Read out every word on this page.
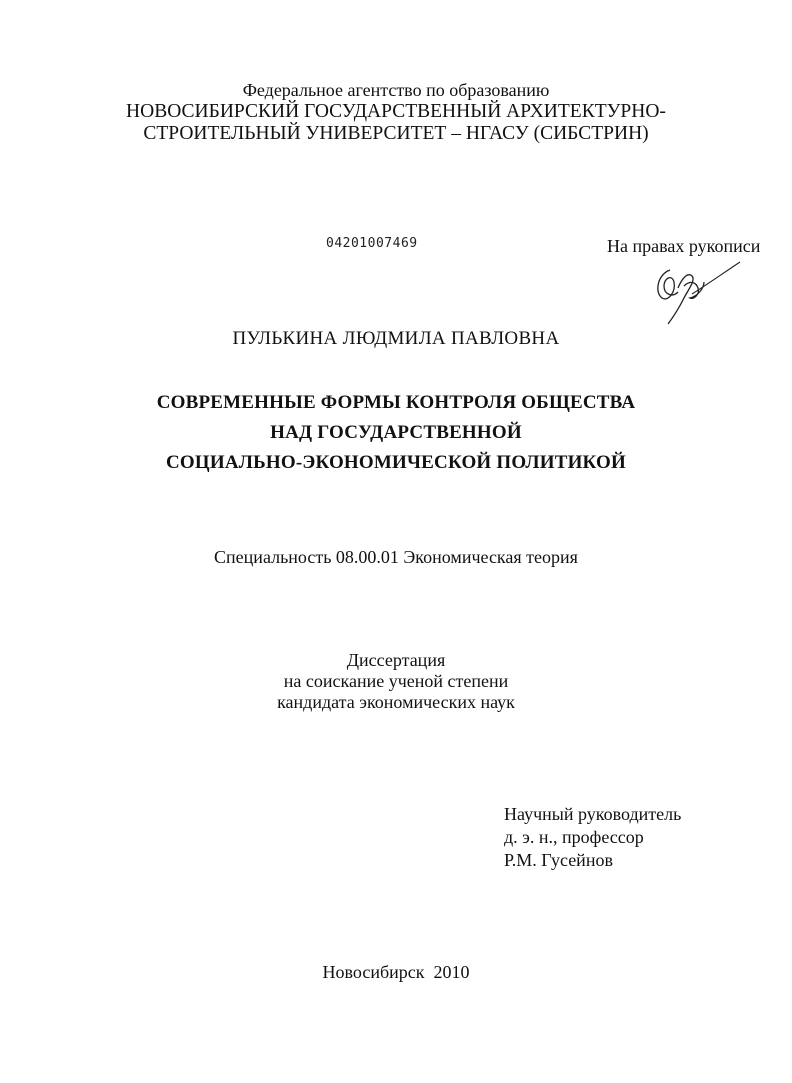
Федеральное агентство по образованию
НОВОСИБИРСКИЙ ГОСУДАРСТВЕННЫЙ АРХИТЕКТУРНО-
СТРОИТЕЛЬНЫЙ УНИВЕРСИТЕТ – НГАСУ (СИБСТРИН)
04201007469	На правах рукописи
ПУЛЬКИНА ЛЮДМИЛА ПАВЛОВНА
СОВРЕМЕННЫЕ ФОРМЫ КОНТРОЛЯ ОБЩЕСТВА
НАД ГОСУДАРСТВЕННОЙ
СОЦИАЛЬНО-ЭКОНОМИЧЕСКОЙ ПОЛИТИКОЙ
Специальность 08.00.01 Экономическая теория
Диссертация
на соискание ученой степени
кандидата экономических наук
Научный руководитель
д. э. н., профессор
Р.М. Гусейнов
Новосибирск  2010
